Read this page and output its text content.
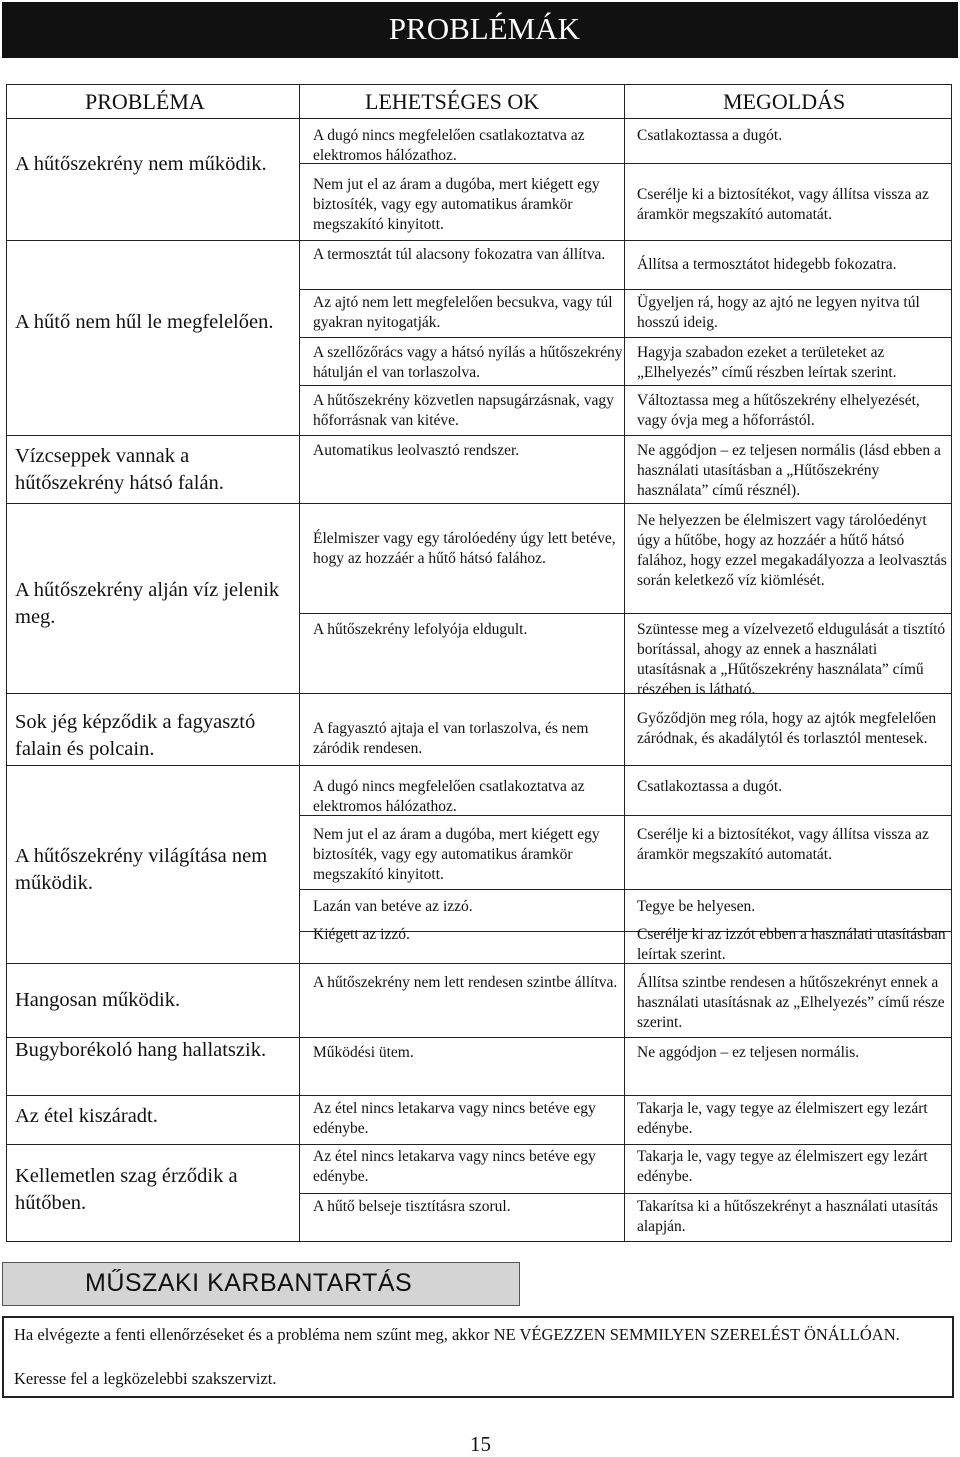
PROBLÉMÁK
PROBLÉMA	LEHETSÉGES OK	MEGOLDÁS
A hűtőszekrény nem működik.
A hűtő nem hűl le megfelelően.
Vízcseppek vannak a hűtőszekrény hátsó falán.
A hűtőszekrény alján víz jelenik meg.
Sok jég képződik a fagyasztó falain és polcain.
A hűtőszekrény világítása nem működik.
Hangosan működik.
Bugyborékoló hang hallatszik.
Az étel kiszáradt.
Kellemetlen szag érződik a hűtőben.
A dugó nincs megfelelően csatlakoztatva az elektromos hálózathoz.
Nem jut el az áram a dugóba, mert kiégett egy biztosíték, vagy egy automatikus áramkör megszakító kinyitott.
A termosztát túl alacsony fokozatra van állítva.
Az ajtó nem lett megfelelően becsukva, vagy túl gyakran nyitogatják.
A szellőzőrács vagy a hátsó nyílás a hűtőszekrény hátulján el van torlaszolva.
A hűtőszekrény közvetlen napsugárzásnak, vagy hőforrásnak van kitéve.
Automatikus leolvasztó rendszer.
Élelmiszer vagy egy tárolóedény úgy lett betéve, hogy az hozzáér a hűtő hátsó falához.
A hűtőszekrény lefolyója eldugult.
A fagyasztó ajtaja el van torlaszolva, és nem záródik rendesen.
A dugó nincs megfelelően csatlakoztatva az elektromos hálózathoz.
Nem jut el az áram a dugóba, mert kiégett egy biztosíték, vagy egy automatikus áramkör megszakító kinyitott.
Lazán van betéve az izzó.
Kiégett az izzó.
A hűtőszekrény nem lett rendesen szintbe állítva.
Működési ütem.
Az étel nincs letakarva vagy nincs betéve egy edénybe.
Az étel nincs letakarva vagy nincs betéve egy edénybe.
A hűtő belseje tisztításra szorul.
Csatlakoztassa a dugót.
Cserélje ki a biztosítékot, vagy állítsa vissza az áramkör megszakító automatát.
Állítsa a termosztátot hidegebb fokozatra.
Ügyeljen rá, hogy az ajtó ne legyen nyitva túl hosszú ideig.
Hagyja szabadon ezeket a területeket az „Elhelyezés” című részben leírtak szerint.
Változtassa meg a hűtőszekrény elhelyezését, vagy óvja meg a hőforrástól.
Ne aggódjon – ez teljesen normális (lásd ebben a használati utasításban a „Hűtőszekrény használata” című résznél).
Ne helyezzen be élelmiszert vagy tárolóedényt úgy a hűtőbe, hogy az hozzáér a hűtő hátsó falához, hogy ezzel megakadályozza a leolvasztás során keletkező víz kiömlését.
Szüntesse meg a vízelvezető eldugulását a tisztító borítással, ahogy az ennek a használati utasításnak a „Hűtőszekrény használata” című részében is látható.
Győződjön meg róla, hogy az ajtók megfelelően záródnak, és akadálytól és torlasztól mentesek.
Csatlakoztassa a dugót.
Cserélje ki a biztosítékot, vagy állítsa vissza az áramkör megszakító automatát.
Tegye be helyesen.
Cserélje ki az izzót ebben a használati utasításban leírtak szerint.
Állítsa szintbe rendesen a hűtőszekrényt ennek a használati utasításnak az „Elhelyezés” című része szerint.
Ne aggódjon – ez teljesen normális.
Takarja le, vagy tegye az élelmiszert egy lezárt edénybe.
Takarja le, vagy tegye az élelmiszert egy lezárt edénybe.
Takarítsa ki a hűtőszekrényt a használati utasítás alapján.
MŰSZAKI KARBANTARTÁS

Ha elvégezte a fenti ellenőrzéseket és a probléma nem szűnt meg, akkor NE VÉGEZZEN SEMMILYEN SZERELÉST ÖNÁLLÓAN.

Keresse fel a legközelebbi szakszervizt.

15
